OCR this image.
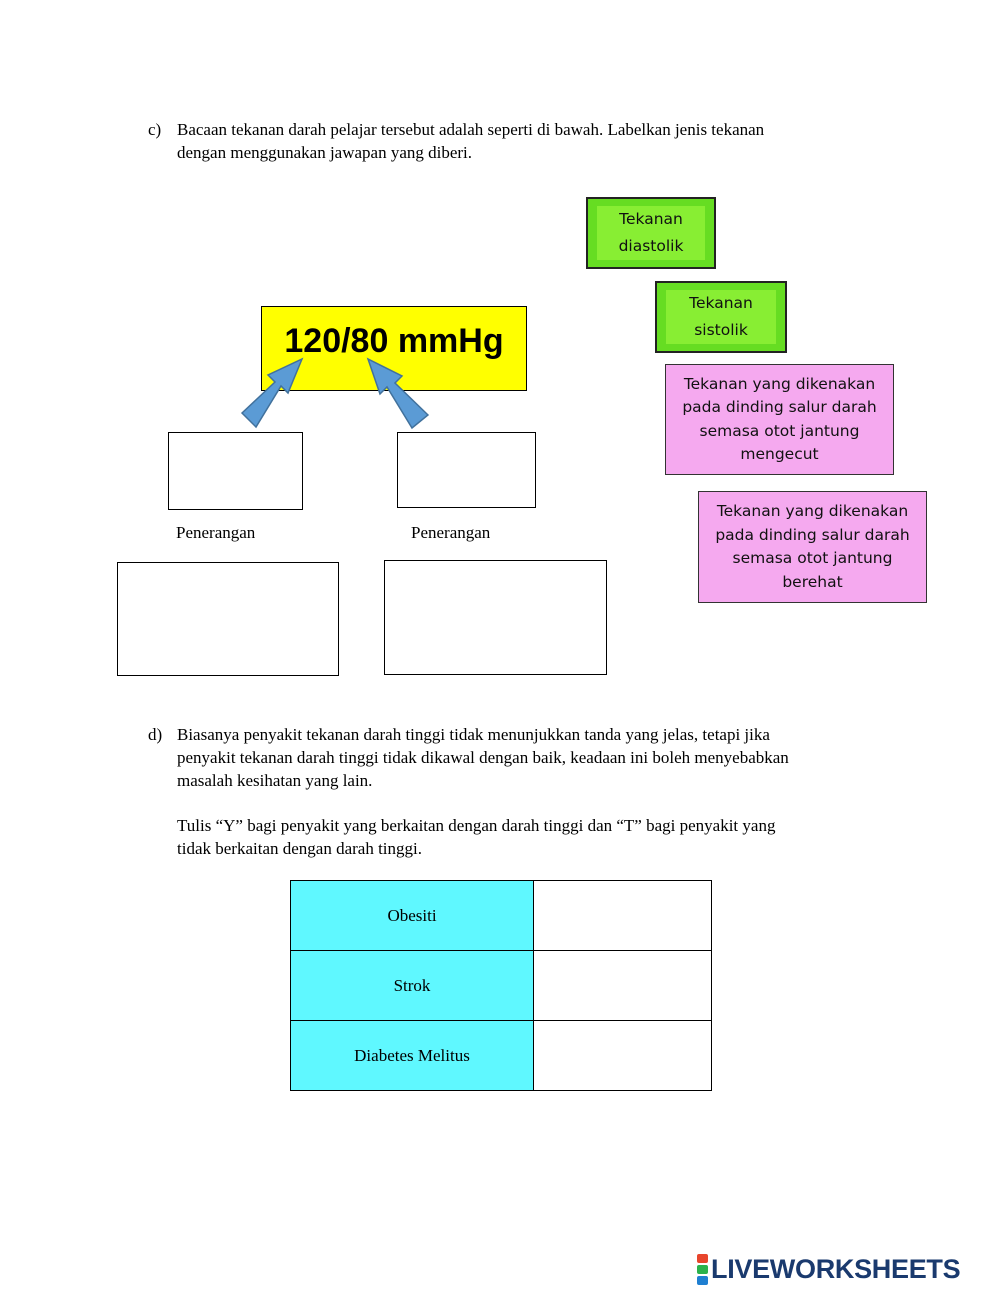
c) Bacaan tekanan darah pelajar tersebut adalah seperti di bawah. Labelkan jenis tekanan
dengan menggunakan jawapan yang diberi.
120/80 mmHg
Penerangan	Penerangan
Tekanan
diastolik
Tekanan
sistolik
Tekanan yang dikenakan
pada dinding salur darah
semasa otot jantung
mengecut
Tekanan yang dikenakan
pada dinding salur darah
semasa otot jantung
berehat
d) Biasanya penyakit tekanan darah tinggi tidak menunjukkan tanda yang jelas, tetapi jika
penyakit tekanan darah tinggi tidak dikawal dengan baik, keadaan ini boleh menyebabkan
masalah kesihatan yang lain.
Tulis “Y” bagi penyakit yang berkaitan dengan darah tinggi dan “T” bagi penyakit yang
tidak berkaitan dengan darah tinggi.
Obesiti	
Strok	
Diabetes Melitus	
LIVEWORKSHEETS
